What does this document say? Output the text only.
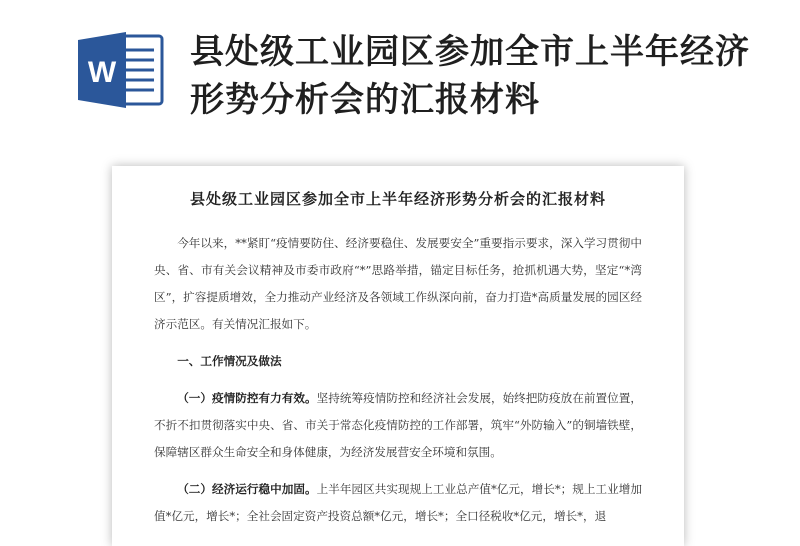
W
县处级工业园区参加全市上半年经济形势分析会的汇报材料
县处级工业园区参加全市上半年经济形势分析会的汇报材料

今年以来，**紧盯“疫情要防住、经济要稳住、发展要安全”重要指示要求，深入学习贯彻中央、省、市有关会议精神及市委市政府“*”思路举措，锚定目标任务，抢抓机遇大势，坚定“*湾区”，扩容提质增效，全力推动产业经济及各领域工作纵深向前，奋力打造*高质量发展的园区经济示范区。有关情况汇报如下。

一、工作情况及做法

（一）疫情防控有力有效。坚持统筹疫情防控和经济社会发展，始终把防疫放在前置位置，不折不扣贯彻落实中央、省、市关于常态化疫情防控的工作部署，筑牢“外防输入”的铜墙铁壁，保障辖区群众生命安全和身体健康，为经济发展营安全环境和氛围。

（二）经济运行稳中加固。上半年园区共实现规上工业总产值*亿元，增长*；规上工业增加值*亿元，增长*；全社会固定资产投资总额*亿元，增长*；全口径税收*亿元，增长*，退
